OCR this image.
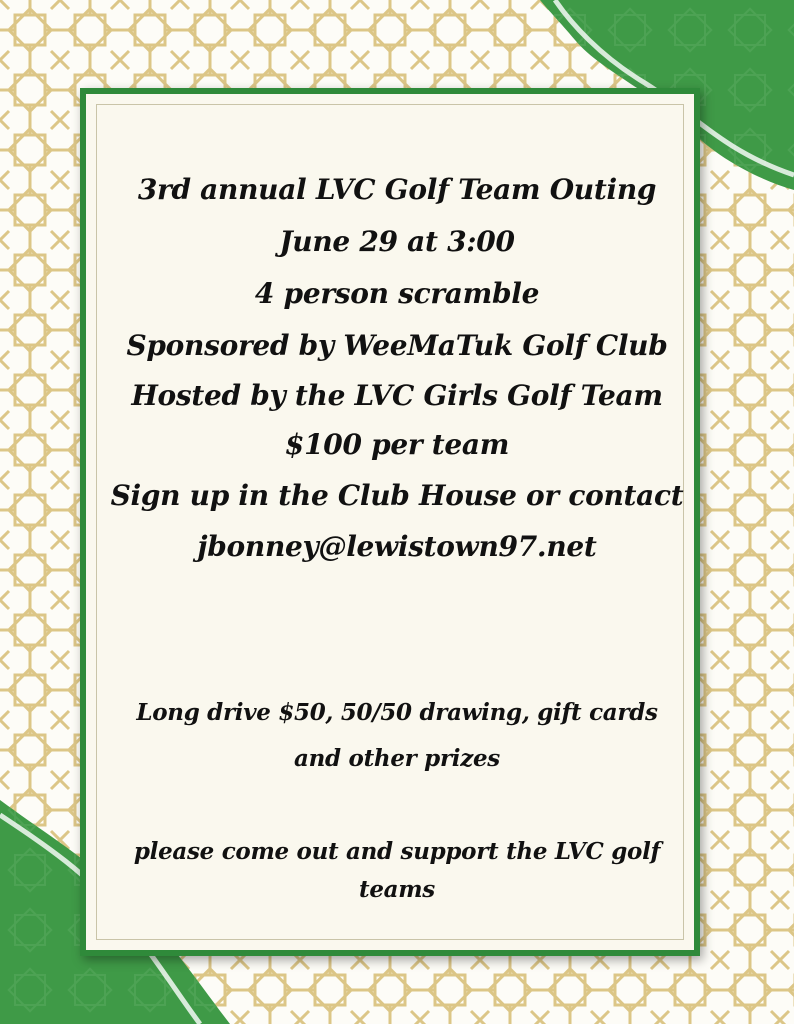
3rd annual LVC Golf Team Outing
June 29 at 3:00
4 person scramble
Sponsored by WeeMaTuk Golf Club
Hosted by the LVC Girls Golf Team
$100 per team
Sign up in the Club House or contact
jbonney@lewistown97.net
Long drive $50, 50/50 drawing, gift cards
and other prizes
please come out and support the LVC golf
teams
